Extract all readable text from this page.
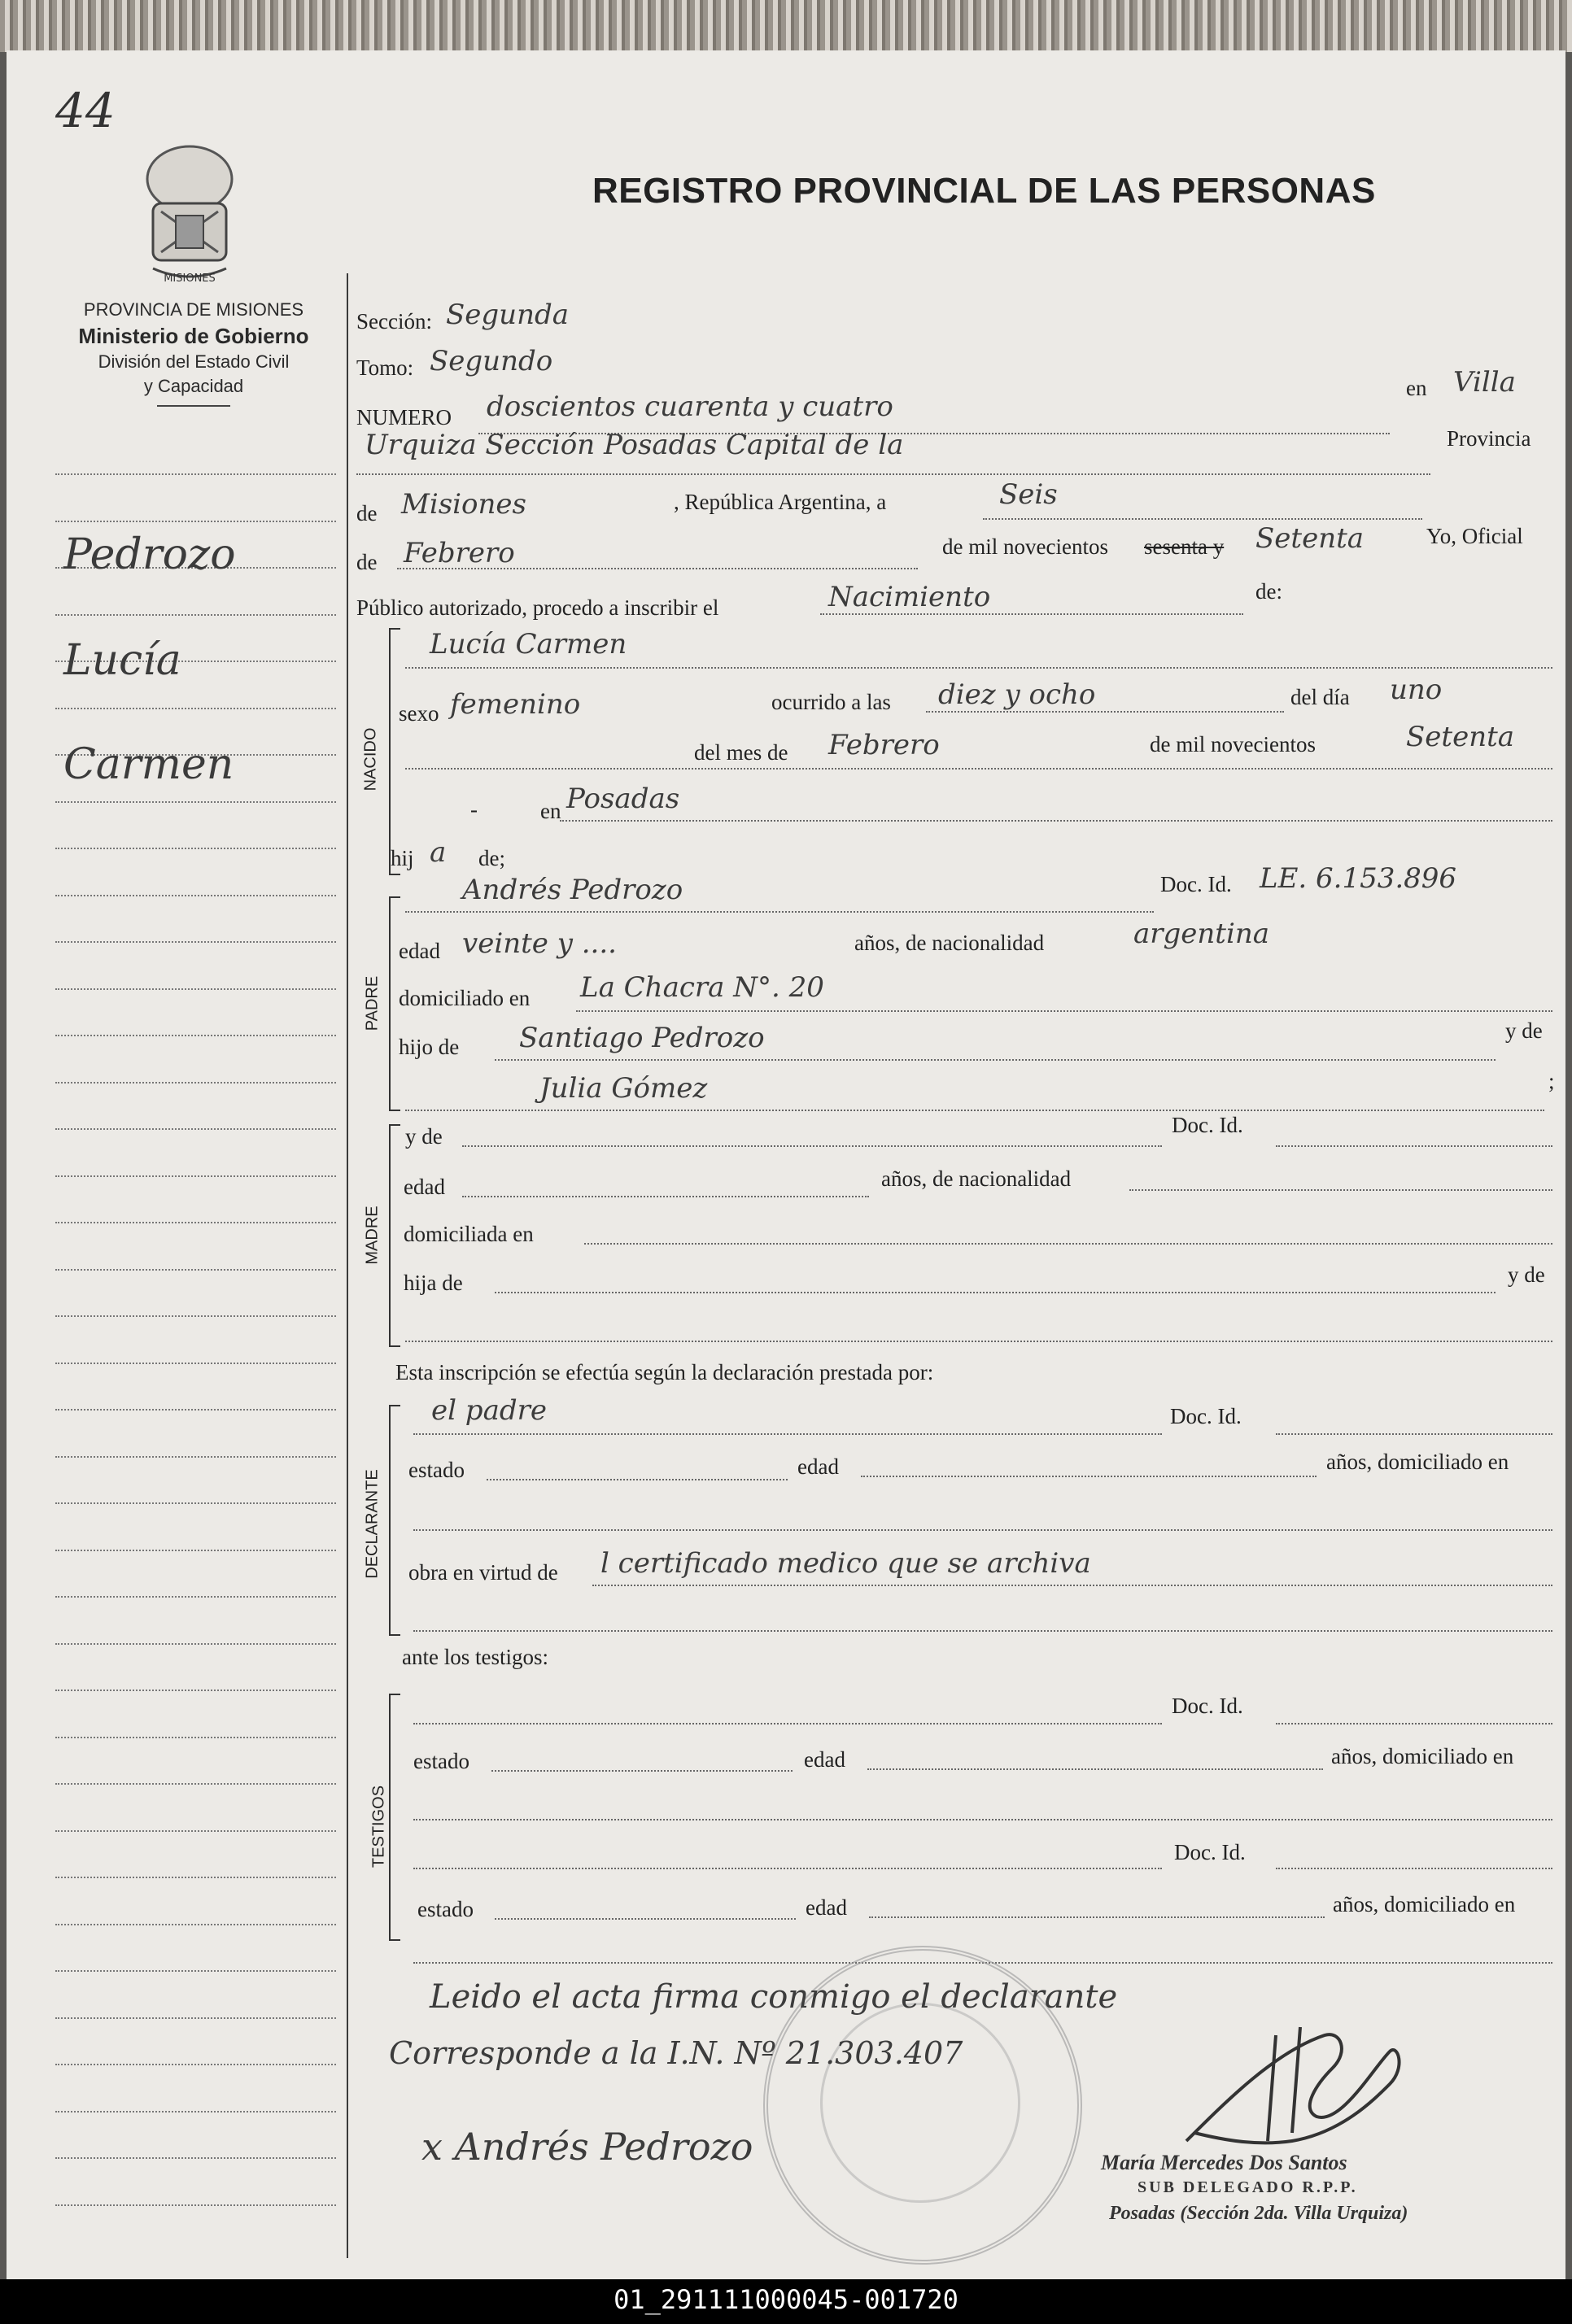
44
MISIONES
PROVINCIA DE MISIONES
Ministerio de Gobierno
División del Estado Civil
y Capacidad
REGISTRO PROVINCIAL DE LAS PERSONAS
Pedrozo
Lucía
Carmen
Sección: Segunda
Tomo: Segundo
NUMERO doscientos cuarenta y cuatro
en Villa
Urquiza Sección Posadas Capital de la	Provincia
de Misiones	, República Argentina, a	Seis
de Febrero	de mil novecientos sesenta y Setenta	Yo, Oficial
Público autorizado, procedo a inscribir el	Nacimiento	de:
NACIDO
Lucía Carmen
sexo femenino	ocurrido a las diez y ocho	del día uno
del mes de Febrero	de mil novecientos	Setenta
-	en Posadas
hij a de;
PADRE
Andrés Pedrozo	Doc. Id. LE. 6.153.896
edad veinte y ....	años, de nacionalidad	argentina
domiciliado en La Chacra N°. 20
hijo de Santiago Pedrozo	y de
Julia Gómez	;
MADRE
y de	Doc. Id.
edad	años, de nacionalidad
domiciliada en
hija de	y de
Esta inscripción se efectúa según la declaración prestada por:
DECLARANTE
el padre	Doc. Id.
estado	edad	años, domiciliado en
obra en virtud de l certificado medico que se archiva
ante los testigos:
TESTIGOS
Doc. Id.
estado	edad	años, domiciliado en
Doc. Id.
estado	edad	años, domiciliado en
Leido el acta firma conmigo el declarante
Corresponde a la I.N. Nº 21.303.407
x Andrés Pedrozo	María Mercedes Dos Santos
SUB DELEGADO R.P.P.
Posadas (Sección 2da. Villa Urquiza)
01_291111000045-001720
